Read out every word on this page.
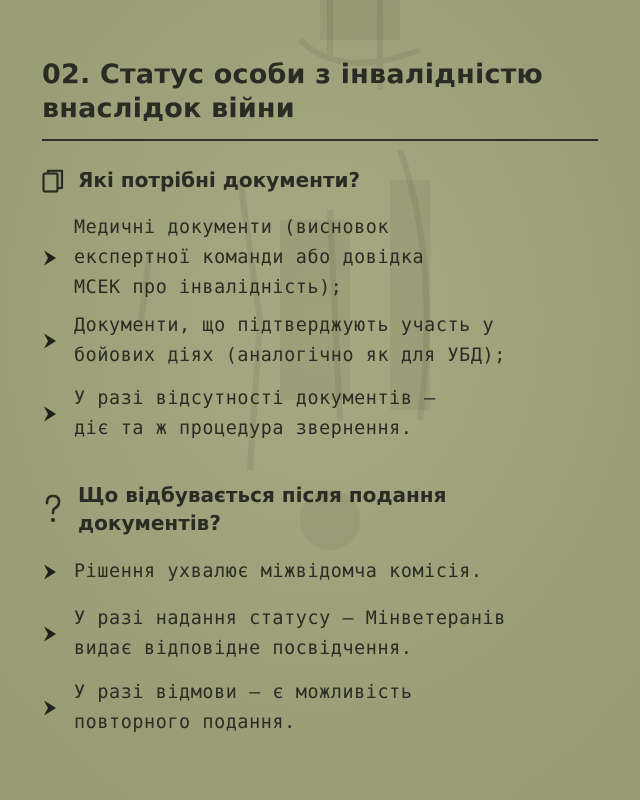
02. Статус особи з інвалідністю
внаслідок війни
Які потрібні документи?
Медичні документи (висновок
експертної команди або довідка
МСЕК про інвалідність);
Документи, що підтверджують участь у
бойових діях (аналогічно як для УБД);
У разі відсутності документів –
діє та ж процедура звернення.
Що відбувається після подання
документів?
Рішення ухвалює міжвідомча комісія.
У разі надання статусу – Мінветеранів
видає відповідне посвідчення.
У разі відмови – є можливість
повторного подання.
